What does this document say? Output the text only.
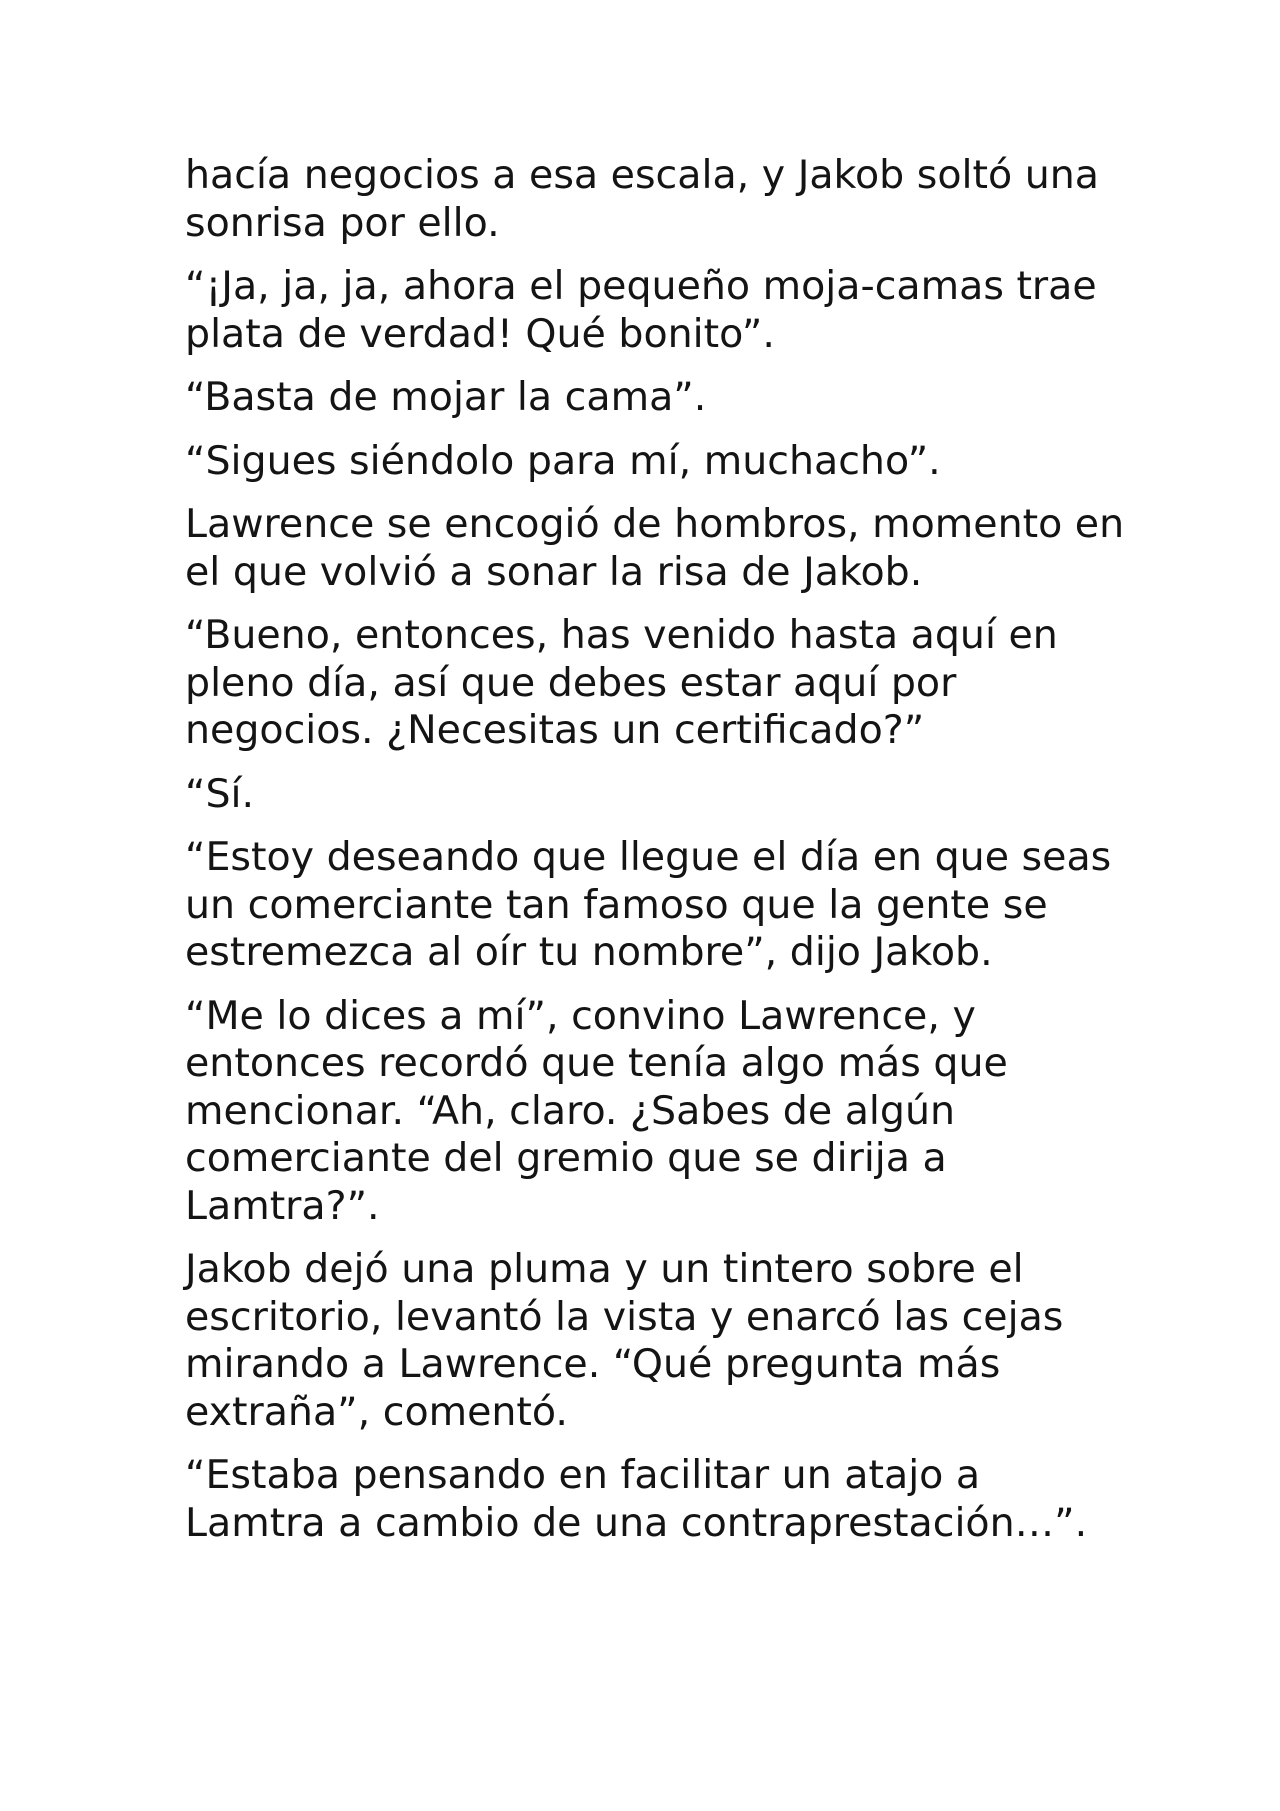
hacía negocios a esa escala, y Jakob soltó una sonrisa por ello.

“¡Ja, ja, ja, ahora el pequeño moja-camas trae plata de verdad! Qué bonito”.

“Basta de mojar la cama”.

“Sigues siéndolo para mí, muchacho”.

Lawrence se encogió de hombros, momento en el que volvió a sonar la risa de Jakob.

“Bueno, entonces, has venido hasta aquí en pleno día, así que debes estar aquí por negocios. ¿Necesitas un certificado?”

“Sí.

“Estoy deseando que llegue el día en que seas un comerciante tan famoso que la gente se estremezca al oír tu nombre”, dijo Jakob.

“Me lo dices a mí”, convino Lawrence, y entonces recordó que tenía algo más que mencionar. “Ah, claro. ¿Sabes de algún comerciante del gremio que se dirija a Lamtra?”.

Jakob dejó una pluma y un tintero sobre el escritorio, levantó la vista y enarcó las cejas mirando a Lawrence. “Qué pregunta más extraña”, comentó.

“Estaba pensando en facilitar un atajo a Lamtra a cambio de una contraprestación…”.
